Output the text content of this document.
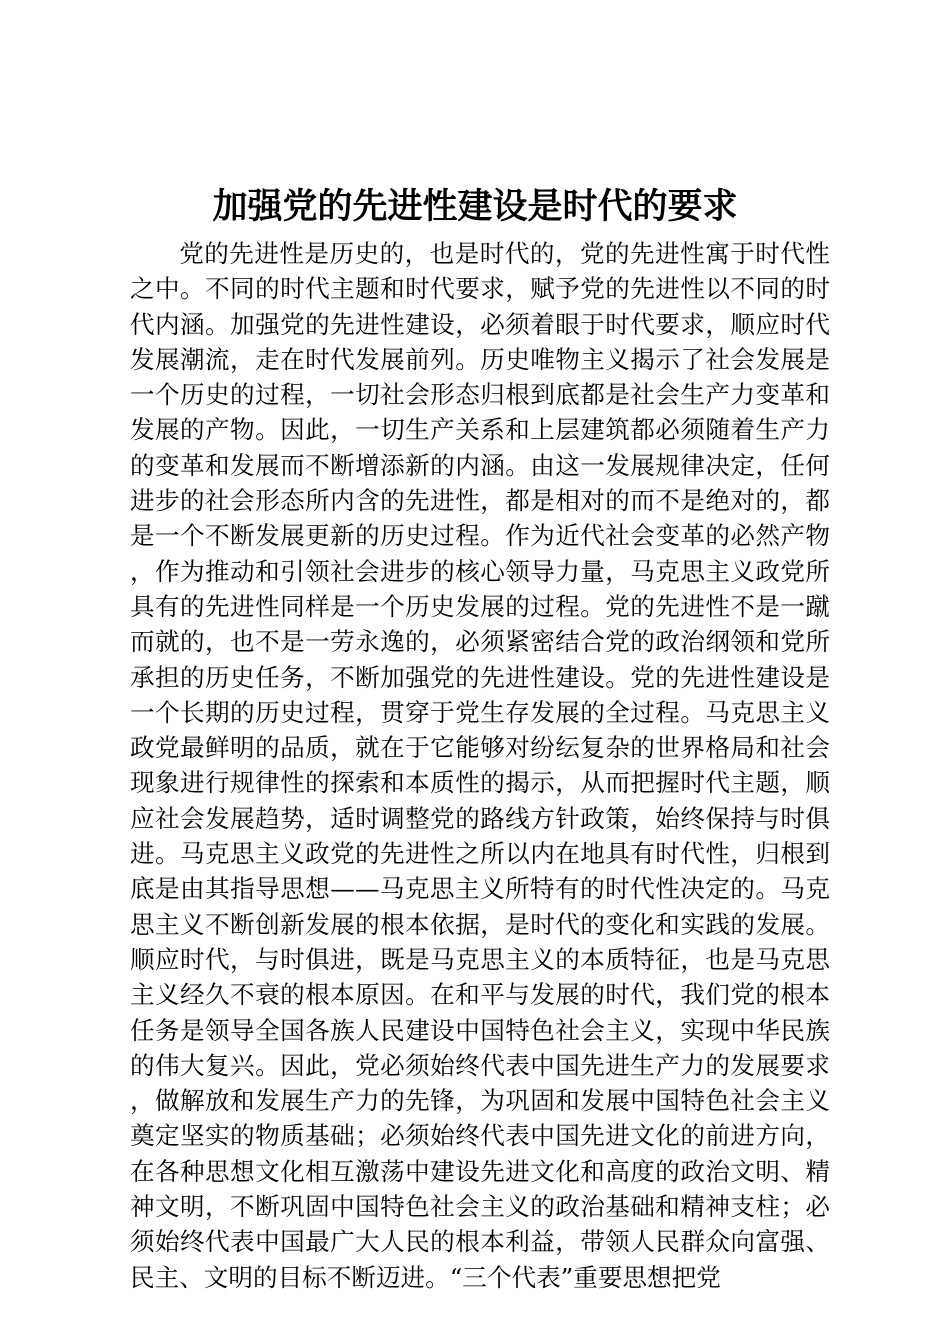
加强党的先进性建设是时代的要求

党的先进性是历史的，也是时代的，党的先进性寓于时代性之中。不同的时代主题和时代要求，赋予党的先进性以不同的时代内涵。加强党的先进性建设，必须着眼于时代要求，顺应时代发展潮流，走在时代发展前列。历史唯物主义揭示了社会发展是一个历史的过程，一切社会形态归根到底都是社会生产力变革和发展的产物。因此，一切生产关系和上层建筑都必须随着生产力的变革和发展而不断增添新的内涵。由这一发展规律决定，任何进步的社会形态所内含的先进性，都是相对的而不是绝对的，都是一个不断发展更新的历史过程。作为近代社会变革的必然产物，作为推动和引领社会进步的核心领导力量，马克思主义政党所具有的先进性同样是一个历史发展的过程。党的先进性不是一蹴而就的，也不是一劳永逸的，必须紧密结合党的政治纲领和党所承担的历史任务，不断加强党的先进性建设。党的先进性建设是一个长期的历史过程，贯穿于党生存发展的全过程。马克思主义政党最鲜明的品质，就在于它能够对纷纭复杂的世界格局和社会现象进行规律性的探索和本质性的揭示，从而把握时代主题，顺应社会发展趋势，适时调整党的路线方针政策，始终保持与时俱进。马克思主义政党的先进性之所以内在地具有时代性，归根到底是由其指导思想——马克思主义所特有的时代性决定的。马克思主义不断创新发展的根本依据，是时代的变化和实践的发展。顺应时代，与时俱进，既是马克思主义的本质特征，也是马克思主义经久不衰的根本原因。在和平与发展的时代，我们党的根本任务是领导全国各族人民建设中国特色社会主义，实现中华民族的伟大复兴。因此，党必须始终代表中国先进生产力的发展要求，做解放和发展生产力的先锋，为巩固和发展中国特色社会主义奠定坚实的物质基础；必须始终代表中国先进文化的前进方向，在各种思想文化相互激荡中建设先进文化和高度的政治文明、精神文明，不断巩固中国特色社会主义的政治基础和精神支柱；必须始终代表中国最广大人民的根本利益，带领人民群众向富强、民主、文明的目标不断迈进。“三个代表”重要思想把党
